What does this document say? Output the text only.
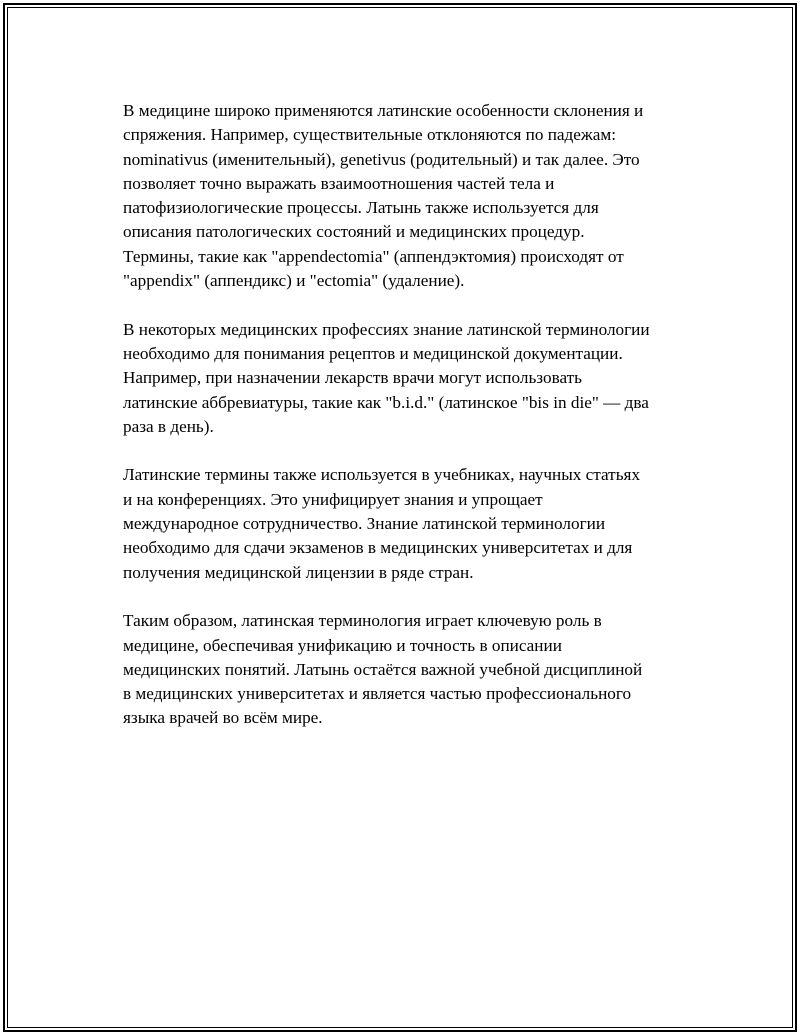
В медицине широко применяются латинские особенности склонения и
спряжения. Например, существительные отклоняются по падежам:
nominativus (именительный), genetivus (родительный) и так далее. Это
позволяет точно выражать взаимоотношения частей тела и
патофизиологические процессы. Латынь также используется для
описания патологических состояний и медицинских процедур.
Термины, такие как "appendectomia" (аппендэктомия) происходят от
"appendix" (аппендикс) и "ectomia" (удаление).

В некоторых медицинских профессиях знание латинской терминологии
необходимо для понимания рецептов и медицинской документации.
Например, при назначении лекарств врачи могут использовать
латинские аббревиатуры, такие как "b.i.d." (латинское "bis in die" — два
раза в день).

Латинские термины также используется в учебниках, научных статьях
и на конференциях. Это унифицирует знания и упрощает
международное сотрудничество. Знание латинской терминологии
необходимо для сдачи экзаменов в медицинских университетах и для
получения медицинской лицензии в ряде стран.

Таким образом, латинская терминология играет ключевую роль в
медицине, обеспечивая унификацию и точность в описании
медицинских понятий. Латынь остаётся важной учебной дисциплиной
в медицинских университетах и является частью профессионального
языка врачей во всём мире.
